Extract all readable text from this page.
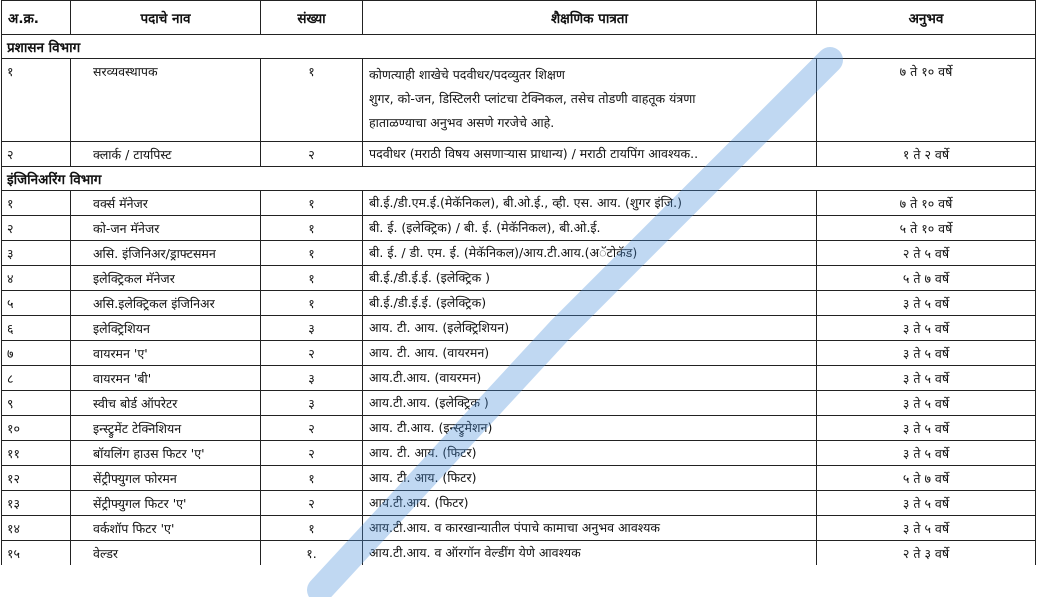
अ.क्र.	पदाचे नाव	संख्या	शैक्षणिक पात्रता	अनुभव
प्रशासन विभाग				
१	सरव्यवस्थापक	१	कोणत्याही शाखेचे पदवीधर/पदव्युतर शिक्षण
शुगर, को-जन, डिस्टिलरी प्लांटचा टेक्निकल, तसेच तोडणी वाहतूक यंत्रणा
हाताळण्याचा अनुभव असणे गरजेचे आहे.	७ ते १० वर्षे
२	क्लार्क / टायपिस्ट	२	पदवीधर (मराठी विषय असणाऱ्यास प्राधान्य) / मराठी टायपिंग आवश्यक..	१ ते २ वर्षे
इंजिनिअरिंग विभाग				
१	वर्क्स मॅनेजर	१	बी.ई./डी.एम.ई.(मेकॅनिकल), बी.ओ.ई., व्ही. एस. आय. (शुगर इंजि.)	७ ते १० वर्षे
२	को-जन मॅनेजर	१	बी. ई. (इलेक्ट्रिक) / बी. ई. (मेकॅनिकल), बी.ओ.ई.	५ ते १० वर्षे
३	असि. इंजिनिअर/ड्राफ्टसमन	१	बी. ई. / डी. एम. ई. (मेकॅनिकल)/आय.टी.आय.(अॅटोकॅड)	२ ते ५ वर्षे
४	इलेक्ट्रिकल मॅनेजर	१	बी.ई./डी.ई.ई. (इलेक्ट्रिक )	५ ते ७ वर्षे
५	असि.इलेक्ट्रिकल इंजिनिअर	१	बी.ई./डी.ई.ई. (इलेक्ट्रिक)	३ ते ५ वर्षे
६	इलेक्ट्रिशियन	३	आय. टी. आय. (इलेक्ट्रिशियन)	३ ते ५ वर्षे
७	वायरमन 'ए'	२	आय. टी. आय. (वायरमन)	३ ते ५ वर्षे
८	वायरमन 'बी'	३	आय.टी.आय. (वायरमन)	३ ते ५ वर्षे
९	स्वीच बोर्ड ऑपरेटर	३	आय.टी.आय. (इलेक्ट्रिक )	३ ते ५ वर्षे
१०	इन्स्ट्रुमेंट टेक्निशियन	२	आय. टी.आय. (इन्स्ट्रुमेशन)	३ ते ५ वर्षे
११	बॉयलिंग हाउस फिटर 'ए'	२	आय. टी. आय. (फिटर)	३ ते ५ वर्षे
१२	सेंट्रीफ्युगल फोरमन	१	आय. टी. आय. (फिटर)	५ ते ७ वर्षे
१३	सेंट्रीफ्युगल फिटर 'ए'	२	आय.टी.आय. (फिटर)	३ ते ५ वर्षे
१४	वर्कशॉप फिटर 'ए'	१	आय.टी.आय. व कारखान्यातील पंपाचे कामाचा अनुभव आवश्यक	३ ते ५ वर्षे
१५	वेल्डर	१.	आय.टी.आय. व ऑरगॉन वेल्डींग येणे आवश्यक	२ ते ३ वर्षे
